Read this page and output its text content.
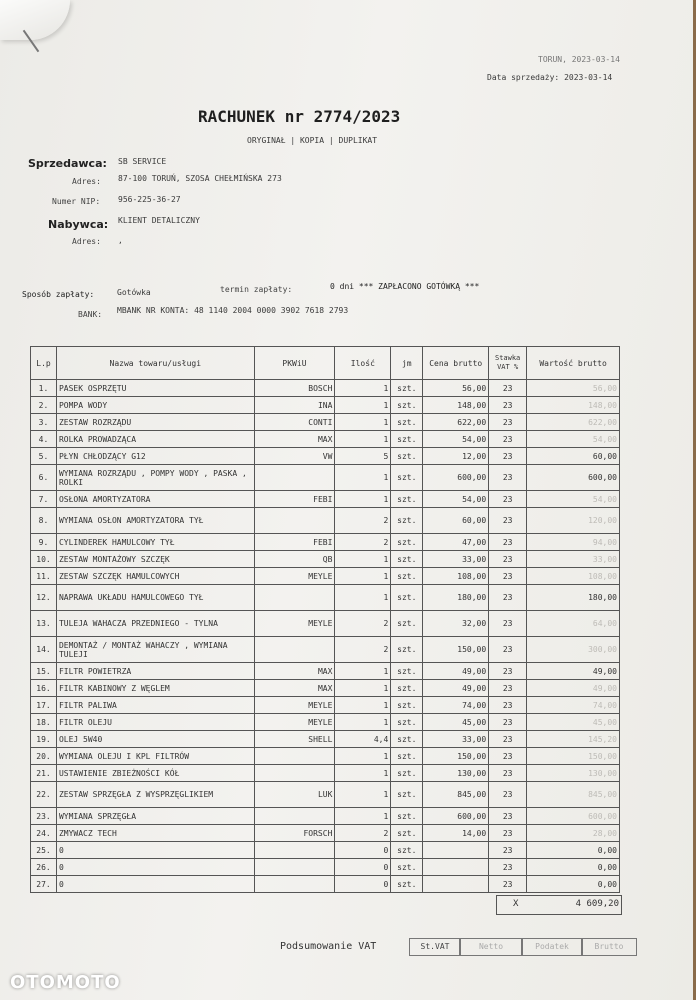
TORUN, 2023-03-14
Data sprzedaży: 2023-03-14
RACHUNEK nr 2774/2023
ORYGINAŁ | KOPIA | DUPLIKAT
Sprzedawca: SB SERVICE
Adres: 87-100 TORUŃ, SZOSA CHEŁMIŃSKA 273
Numer NIP: 956-225-36-27
Nabywca: KLIENT DETALICZNY
Adres: ,
Sposób zapłaty:	Gotówka	termin zapłaty:	0 dni *** ZAPŁACONO GOTÓWKĄ ***
BANK: MBANK NR KONTA: 48 1140 2004 0000 3902 7618 2793
L.p	Nazwa towaru/usługi	PKWiU	Ilość	jm	Cena brutto	Stawka VAT %	Wartość brutto
1.	PASEK OSPRZĘTU	BOSCH	1	szt.	56,00	23	56,00
2.	POMPA WODY	INA	1	szt.	148,00	23	148,00
3.	ZESTAW ROZRZĄDU	CONTI	1	szt.	622,00	23	622,00
4.	ROLKA PROWADZĄCA	MAX	1	szt.	54,00	23	54,00
5.	PŁYN CHŁODZĄCY G12	VW	5	szt.	12,00	23	60,00
6.	WYMIANA ROZRZĄDU , POMPY WODY , PASKA , ROLKI		1	szt.	600,00	23	600,00
7.	OSŁONA AMORTYZATORA	FEBI	1	szt.	54,00	23	54,00
8.	WYMIANA OSŁON AMORTYZATORA TYŁ		2	szt.	60,00	23	120,00
9.	CYLINDEREK HAMULCOWY TYŁ	FEBI	2	szt.	47,00	23	94,00
10.	ZESTAW MONTAŻOWY SZCZĘK	QB	1	szt.	33,00	23	33,00
11.	ZESTAW SZCZĘK HAMULCOWYCH	MEYLE	1	szt.	108,00	23	108,00
12.	NAPRAWA UKŁADU HAMULCOWEGO TYŁ		1	szt.	180,00	23	180,00
13.	TULEJA WAHACZA PRZEDNIEGO - TYLNA	MEYLE	2	szt.	32,00	23	64,00
14.	DEMONTAŻ / MONTAŻ WAHACZY , WYMIANA TULEJI		2	szt.	150,00	23	300,00
15.	FILTR POWIETRZA	MAX	1	szt.	49,00	23	49,00
16.	FILTR KABINOWY Z WĘGLEM	MAX	1	szt.	49,00	23	49,00
17.	FILTR PALIWA	MEYLE	1	szt.	74,00	23	74,00
18.	FILTR OLEJU	MEYLE	1	szt.	45,00	23	45,00
19.	OLEJ 5W40	SHELL	4,4	szt.	33,00	23	145,20
20.	WYMIANA OLEJU I KPL FILTRÓW		1	szt.	150,00	23	150,00
21.	USTAWIENIE ZBIEŻNOŚCI KÓŁ		1	szt.	130,00	23	130,00
22.	ZESTAW SPRZĘGŁA Z WYSPRZĘGLIKIEM	LUK	1	szt.	845,00	23	845,00
23.	WYMIANA SPRZĘGŁA		1	szt.	600,00	23	600,00
24.	ZMYWACZ TECH	FORSCH	2	szt.	14,00	23	28,00
25.	0		0	szt.		23	0,00
26.	0		0	szt.		23	0,00
27.	0		0	szt.		23	0,00
X	4 609,20
Podsumowanie VAT	St.VAT	Netto	Podatek	Brutto
OTOMOTO
